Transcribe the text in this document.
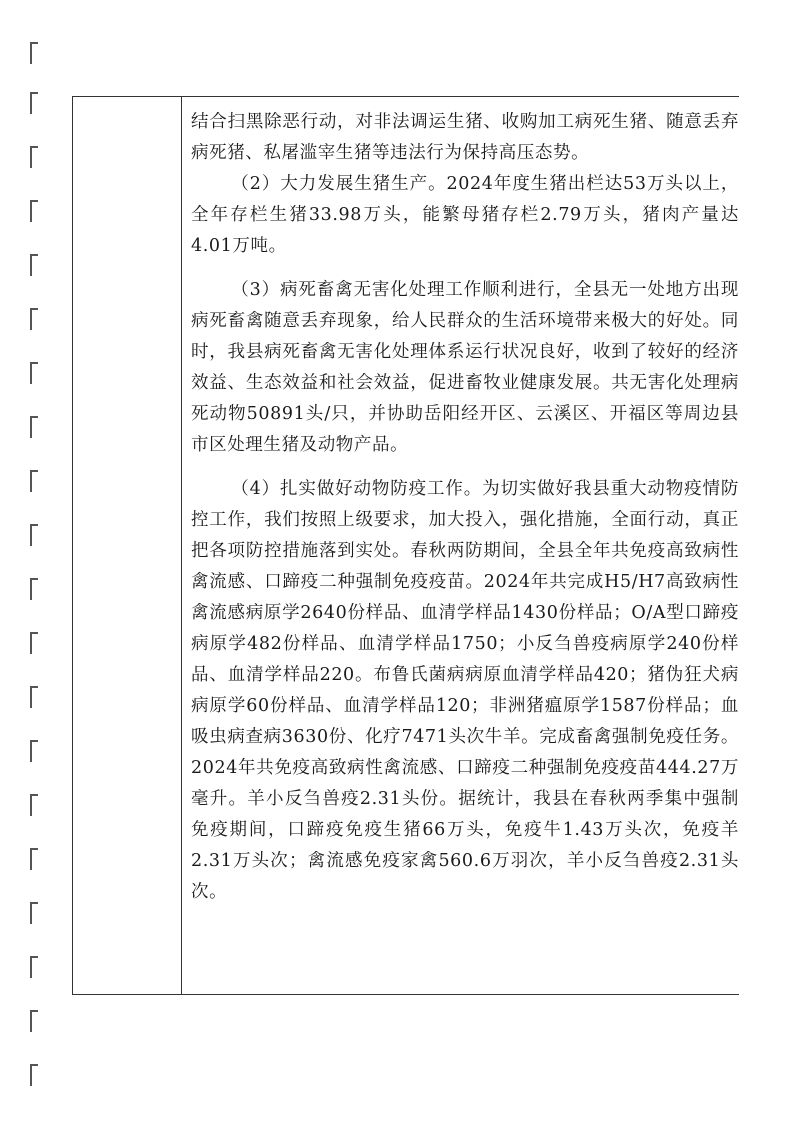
结合扫黑除恶行动，对非法调运生猪、收购加工病死生猪、随意丢弃病死猪、私屠滥宰生猪等违法行为保持高压态势。

（2）大力发展生猪生产。2024年度生猪出栏达53万头以上，全年存栏生猪33.98万头，能繁母猪存栏2.79万头，猪肉产量达4.01万吨。

（3）病死畜禽无害化处理工作顺利进行，全县无一处地方出现病死畜禽随意丢弃现象，给人民群众的生活环境带来极大的好处。同时，我县病死畜禽无害化处理体系运行状况良好，收到了较好的经济效益、生态效益和社会效益，促进畜牧业健康发展。共无害化处理病死动物50891头/只，并协助岳阳经开区、云溪区、开福区等周边县市区处理生猪及动物产品。

（4）扎实做好动物防疫工作。为切实做好我县重大动物疫情防控工作，我们按照上级要求，加大投入，强化措施，全面行动，真正把各项防控措施落到实处。春秋两防期间，全县全年共免疫高致病性禽流感、口蹄疫二种强制免疫疫苗。2024年共完成H5/H7高致病性禽流感病原学2640份样品、血清学样品1430份样品；O/A型口蹄疫病原学482份样品、血清学样品1750；小反刍兽疫病原学240份样品、血清学样品220。布鲁氏菌病病原血清学样品420；猪伪狂犬病病原学60份样品、血清学样品120；非洲猪瘟原学1587份样品；血吸虫病查病3630份、化疗7471头次牛羊。完成畜禽强制免疫任务。2024年共免疫高致病性禽流感、口蹄疫二种强制免疫疫苗444.27万毫升。羊小反刍兽疫2.31头份。据统计，我县在春秋两季集中强制免疫期间，口蹄疫免疫生猪66万头，免疫牛1.43万头次，免疫羊2.31万头次；禽流感免疫家禽560.6万羽次，羊小反刍兽疫2.31头次。
